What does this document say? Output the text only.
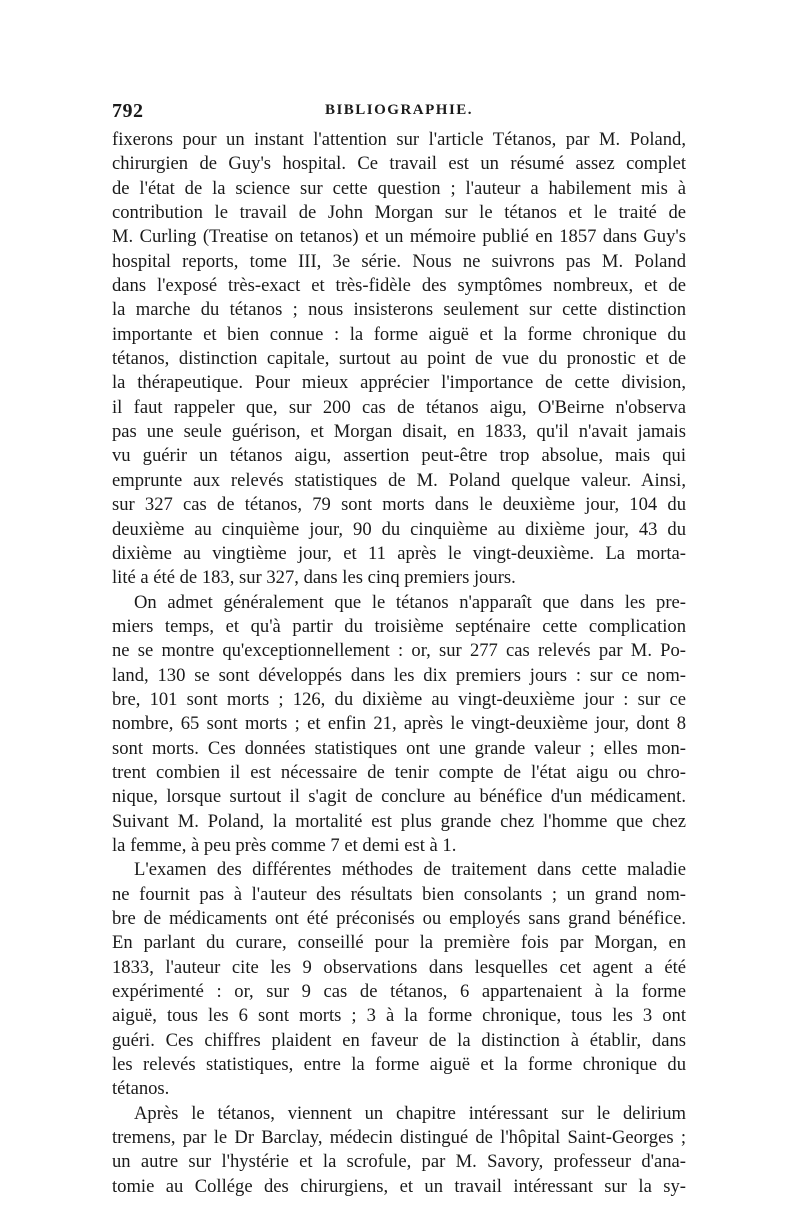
792	BIBLIOGRAPHIE.
fixerons pour un instant l'attention sur l'article Tétanos, par M. Poland,
chirurgien de Guy's hospital. Ce travail est un résumé assez complet
de l'état de la science sur cette question ; l'auteur a habilement mis à
contribution le travail de John Morgan sur le tétanos et le traité de
M. Curling (Treatise on tetanos) et un mémoire publié en 1857 dans Guy's
hospital reports, tome III, 3e série. Nous ne suivrons pas M. Poland
dans l'exposé très-exact et très-fidèle des symptômes nombreux, et de
la marche du tétanos ; nous insisterons seulement sur cette distinction
importante et bien connue : la forme aiguë et la forme chronique du
tétanos, distinction capitale, surtout au point de vue du pronostic et de
la thérapeutique. Pour mieux apprécier l'importance de cette division,
il faut rappeler que, sur 200 cas de tétanos aigu, O'Beirne n'observa
pas une seule guérison, et Morgan disait, en 1833, qu'il n'avait jamais
vu guérir un tétanos aigu, assertion peut-être trop absolue, mais qui
emprunte aux relevés statistiques de M. Poland quelque valeur. Ainsi,
sur 327 cas de tétanos, 79 sont morts dans le deuxième jour, 104 du
deuxième au cinquième jour, 90 du cinquième au dixième jour, 43 du
dixième au vingtième jour, et 11 après le vingt-deuxième. La morta-
lité a été de 183, sur 327, dans les cinq premiers jours.
On admet généralement que le tétanos n'apparaît que dans les pre-
miers temps, et qu'à partir du troisième septénaire cette complication
ne se montre qu'exceptionnellement : or, sur 277 cas relevés par M. Po-
land, 130 se sont développés dans les dix premiers jours : sur ce nom-
bre, 101 sont morts ; 126, du dixième au vingt-deuxième jour : sur ce
nombre, 65 sont morts ; et enfin 21, après le vingt-deuxième jour, dont 8
sont morts. Ces données statistiques ont une grande valeur ; elles mon-
trent combien il est nécessaire de tenir compte de l'état aigu ou chro-
nique, lorsque surtout il s'agit de conclure au bénéfice d'un médicament.
Suivant M. Poland, la mortalité est plus grande chez l'homme que chez
la femme, à peu près comme 7 et demi est à 1.
L'examen des différentes méthodes de traitement dans cette maladie
ne fournit pas à l'auteur des résultats bien consolants ; un grand nom-
bre de médicaments ont été préconisés ou employés sans grand bénéfice.
En parlant du curare, conseillé pour la première fois par Morgan, en
1833, l'auteur cite les 9 observations dans lesquelles cet agent a été
expérimenté : or, sur 9 cas de tétanos, 6 appartenaient à la forme
aiguë, tous les 6 sont morts ; 3 à la forme chronique, tous les 3 ont
guéri. Ces chiffres plaident en faveur de la distinction à établir, dans
les relevés statistiques, entre la forme aiguë et la forme chronique du
tétanos.
Après le tétanos, viennent un chapitre intéressant sur le delirium
tremens, par le Dr Barclay, médecin distingué de l'hôpital Saint-Georges ;
un autre sur l'hystérie et la scrofule, par M. Savory, professeur d'ana-
tomie au Collége des chirurgiens, et un travail intéressant sur la sy-
